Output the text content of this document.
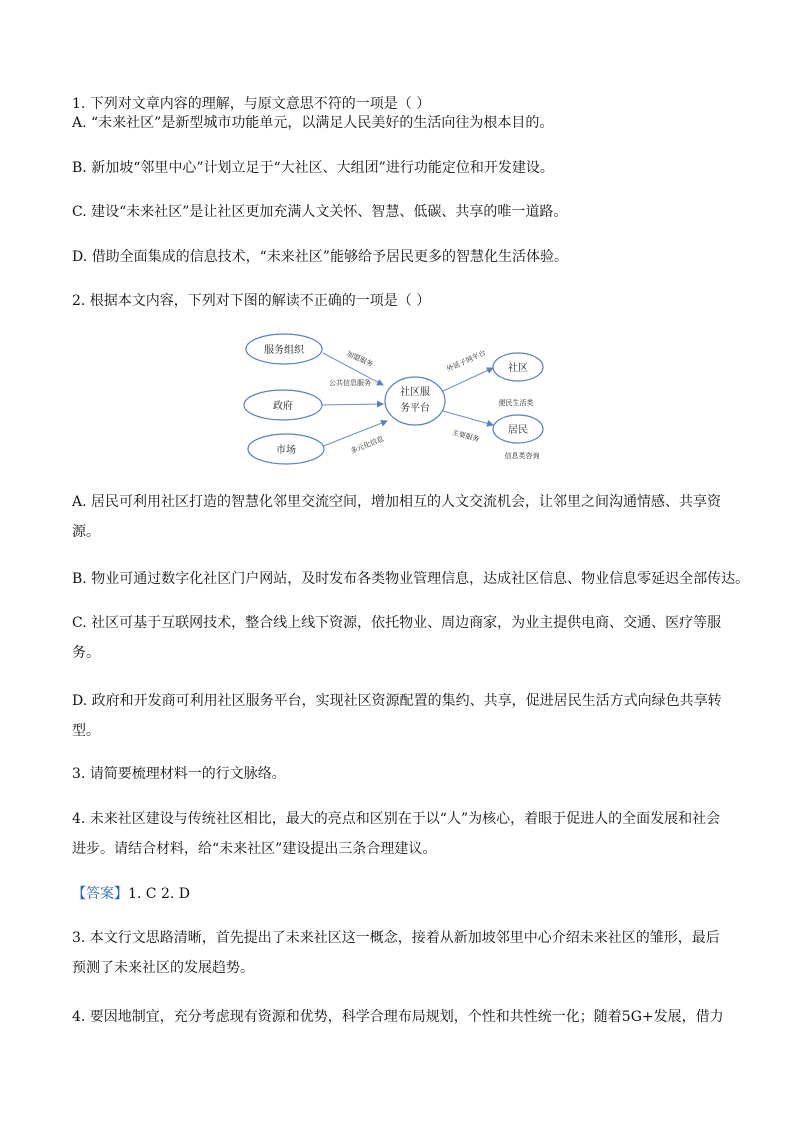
1. 下列对文章内容的理解，与原文意思不符的一项是（ ）
A. “未来社区”是新型城市功能单元，以满足人民美好的生活向往为根本目的。
B. 新加坡“邻里中心”计划立足于“大社区、大组团”进行功能定位和开发建设。
C. 建设“未来社区”是让社区更加充满人文关怀、智慧、低碳、共享的唯一道路。
D. 借助全面集成的信息技术，“未来社区”能够给予居民更多的智慧化生活体验。
2. 根据本文内容，下列对下图的解读不正确的一项是（ ）
服务组织
政府
市场
社区服
务平台
社区
居民
加盟服务
公共信息服务
多元化信息
外延子网平台
主要服务
便民生活类
信息类咨询
A. 居民可利用社区打造的智慧化邻里交流空间，增加相互的人文交流机会，让邻里之间沟通情感、共享资源。
B. 物业可通过数字化社区门户网站，及时发布各类物业管理信息，达成社区信息、物业信息零延迟全部传达。
C. 社区可基于互联网技术，整合线上线下资源，依托物业、周边商家，为业主提供电商、交通、医疗等服务。
D. 政府和开发商可利用社区服务平台，实现社区资源配置的集约、共享，促进居民生活方式向绿色共享转型。
3. 请简要梳理材料一的行文脉络。
4. 未来社区建设与传统社区相比，最大的亮点和区别在于以“人”为核心，着眼于促进人的全面发展和社会进步。请结合材料，给“未来社区”建设提出三条合理建议。
【答案】1. C 2. D
3. 本文行文思路清晰，首先提出了未来社区这一概念，接着从新加坡邻里中心介绍未来社区的雏形，最后预测了未来社区的发展趋势。
4. 要因地制宜，充分考虑现有资源和优势，科学合理布局规划，个性和共性统一化；随着5G+发展，借力
